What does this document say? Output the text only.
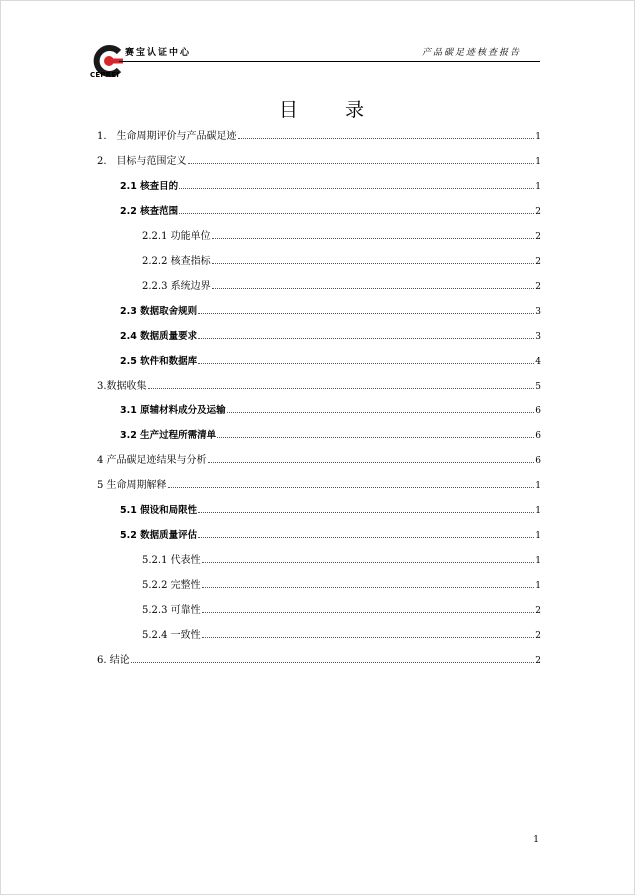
CEPREI
赛宝认证中心	产品碳足迹核查报告
目　录
1.　生命周期评价与产品碳足迹	1
2.　目标与范围定义	1
2.1 核查目的	1
2.2 核查范围	2
2.2.1 功能单位	2
2.2.2 核查指标	2
2.2.3 系统边界	2
2.3 数据取舍规则	3
2.4 数据质量要求	3
2.5 软件和数据库	4
3.数据收集	5
3.1 原辅材料成分及运输	6
3.2 生产过程所需清单	6
4 产品碳足迹结果与分析	6
5 生命周期解释	1
5.1 假设和局限性	1
5.2 数据质量评估	1
5.2.1 代表性	1
5.2.2 完整性	1
5.2.3 可靠性	2
5.2.4 一致性	2
6. 结论	2
1
